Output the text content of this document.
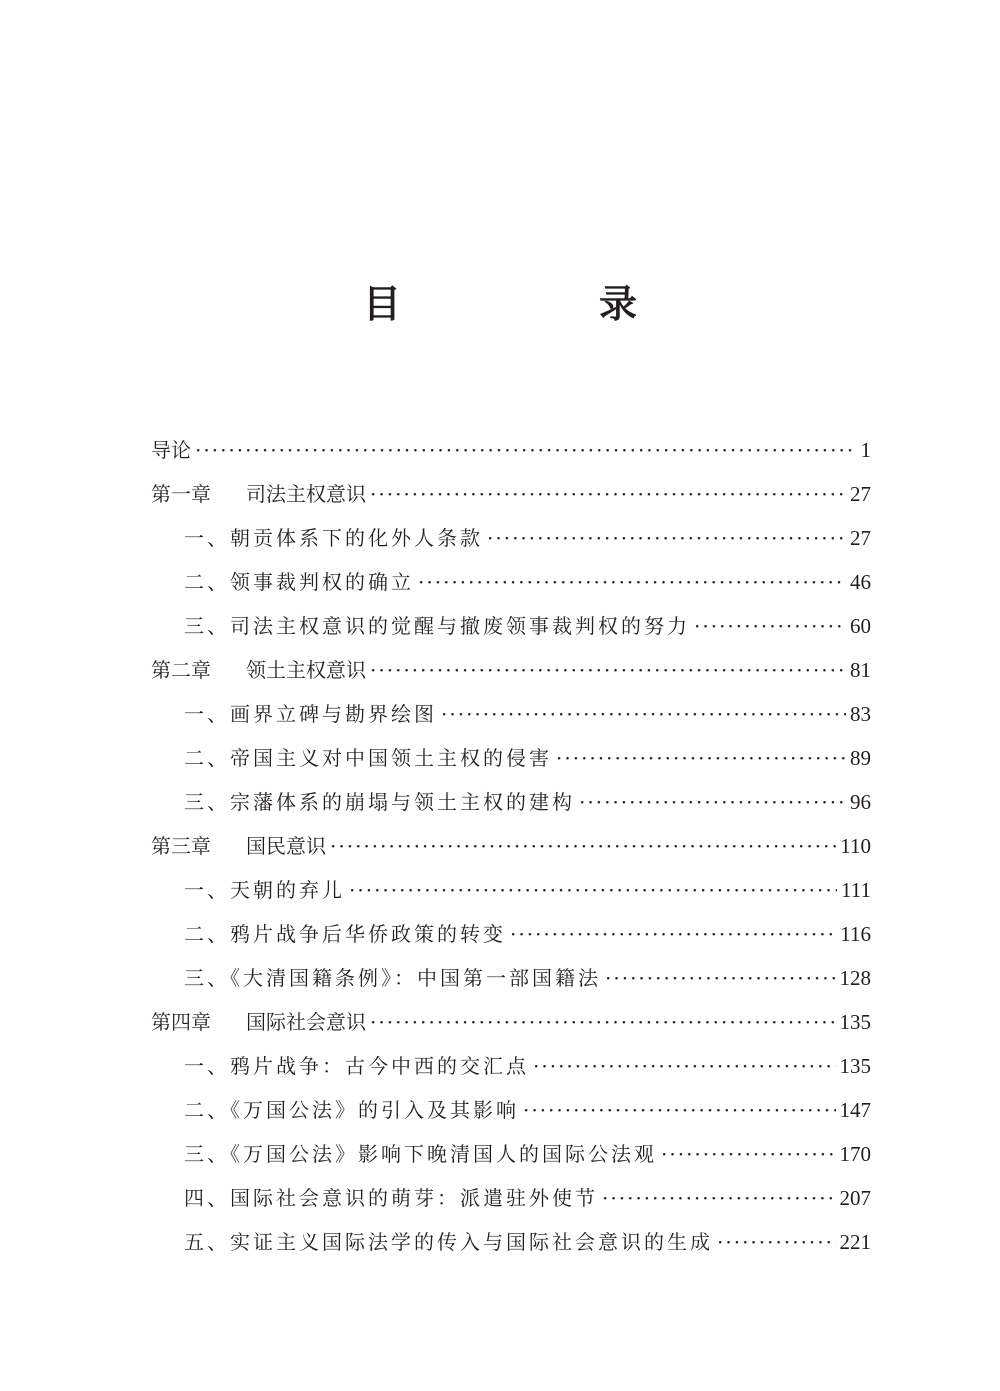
目　录
导论 ·····	1
第一章 司法主权意识 ·····	27
一、朝贡体系下的化外人条款 ·····	27
二、领事裁判权的确立 ·····	46
三、司法主权意识的觉醒与撤废领事裁判权的努力 ·····	60
第二章 领土主权意识 ·····	81
一、画界立碑与勘界绘图 ·····	83
二、帝国主义对中国领土主权的侵害 ·····	89
三、宗藩体系的崩塌与领土主权的建构 ·····	96
第三章 国民意识 ·····	110
一、天朝的弃儿 ·····	111
二、鸦片战争后华侨政策的转变 ·····	116
三、《大清国籍条例》：中国第一部国籍法 ·····	128
第四章 国际社会意识 ·····	135
一、鸦片战争：古今中西的交汇点 ·····	135
二、《万国公法》的引入及其影响 ·····	147
三、《万国公法》影响下晚清国人的国际公法观 ·····	170
四、国际社会意识的萌芽：派遣驻外使节 ·····	207
五、实证主义国际法学的传入与国际社会意识的生成 ·····	221
